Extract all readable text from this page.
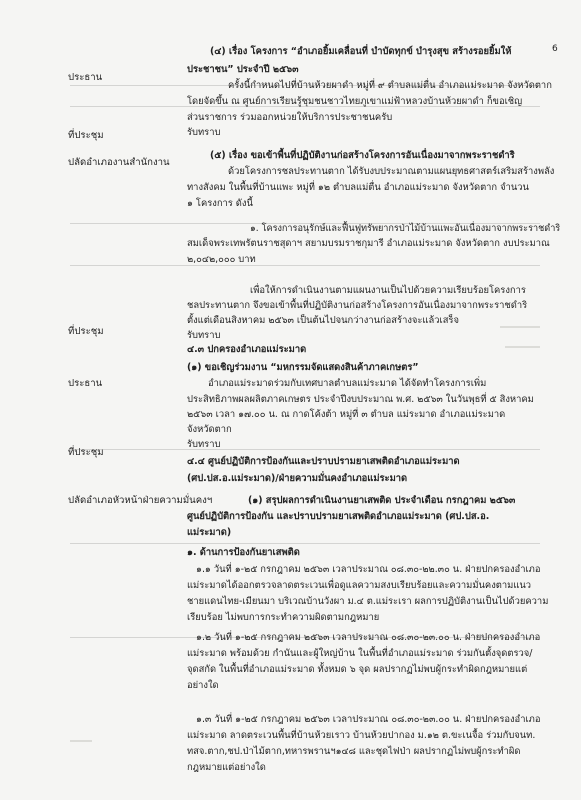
6
ประธาน
ที่ประชุม
ปลัดอำเภองานสำนักงาน
ที่ประชุม
ประธาน
ที่ประชุม
ปลัดอำเภอหัวหน้าฝ่ายความมั่นคงฯ
(๔) เรื่อง โครงการ “อำเภอยิ้มเคลื่อนที่ บำบัดทุกข์ บำรุงสุข สร้างรอยยิ้มให้
ประชาชน” ประจำปี ๒๕๖๓
ครั้งนี้กำหนดไปที่บ้านห้วยผาดำ หมู่ที่ ๙ ตำบลแม่ตื่น อำเภอแม่ระมาด จังหวัดตาก
โดยจัดขึ้น ณ ศูนย์การเรียนรู้ชุมชนชาวไทยภูเขาแม่ฟ้าหลวงบ้านห้วยผาดำ ก็ขอเชิญ
ส่วนราชการ ร่วมออกหน่วยให้บริการประชาชนครับ
รับทราบ
(๕) เรื่อง ขอเข้าพื้นที่ปฏิบัติงานก่อสร้างโครงการอันเนื่องมาจากพระราชดำริ
ด้วยโครงการชลประทานตาก ได้รับงบประมาณตามแผนยุทธศาสตร์เสริมสร้างพลัง
ทางสังคม ในพื้นที่บ้านแพะ หมู่ที่ ๑๒ ตำบลแม่ตื่น อำเภอแม่ระมาด จังหวัดตาก จำนวน
๑ โครงการ ดังนี้
๑. โครงการอนุรักษ์และฟื้นฟูทรัพยากรป่าไม้บ้านแพะอันเนื่องมาจากพระราชดำริ
สมเด็จพระเทพรัตนราชสุดาฯ สยามบรมราชกุมารี อำเภอแม่ระมาด จังหวัดตาก งบประมาณ
๒,๐๔๒,๐๐๐ บาท
เพื่อให้การดำเนินงานตามแผนงานเป็นไปด้วยความเรียบร้อยโครงการ
ชลประทานตาก จึงขอเข้าพื้นที่ปฏิบัติงานก่อสร้างโครงการอันเนื่องมาจากพระราชดำริ
ตั้งแต่เดือนสิงหาคม ๒๕๖๓ เป็นต้นไปจนกว่างานก่อสร้างจะแล้วเสร็จ
รับทราบ
๔.๓ ปกครองอำเภอแม่ระมาด
(๑) ขอเชิญร่วมงาน “มหกรรมจัดแสดงสินค้าภาคเกษตร”
อำเภอแม่ระมาดร่วมกับเทศบาลตำบลแม่ระมาด ได้จัดทำโครงการเพิ่ม
ประสิทธิภาพผลผลิตภาคเกษตร ประจำปีงบประมาณ พ.ศ. ๒๕๖๓ ในวันพุธที่ ๕ สิงหาคม
๒๕๖๓ เวลา ๑๗.๐๐ น. ณ กาดโค้งต้า หมู่ที่ ๓ ตำบล แม่ระมาด อำเภอแม่ระมาด
จังหวัดตาก
รับทราบ
๔.๔ ศูนย์ปฏิบัติการป้องกันและปราบปรามยาเสพติดอำเภอแม่ระมาด
(ศป.ปส.อ.แม่ระมาด)/ฝ่ายความมั่นคงอำเภอแม่ระมาด
(๑) สรุปผลการดำเนินงานยาเสพติด ประจำเดือน กรกฎาคม ๒๕๖๓
ศูนย์ปฏิบัติการป้องกัน และปราบปรามยาเสพติดอำเภอแม่ระมาด (ศป.ปส.อ.
แม่ระมาด)
๑. ด้านการป้องกันยาเสพติด
๑.๑ วันที่ ๑-๒๕ กรกฎาคม ๒๕๖๓ เวลาประมาณ ๐๘.๓๐-๒๒.๓๐ น. ฝ่ายปกครองอำเภอ
แม่ระมาดได้ออกตรวจลาดตระเวนเพื่อดูแลความสงบเรียบร้อยและความมั่นคงตามแนว
ชายแดนไทย-เมียนมา บริเวณบ้านวังผา ม.๔ ต.แม่ระเรา ผลการปฏิบัติงานเป็นไปด้วยความ
เรียบร้อย ไม่พบการกระทำความผิดตามกฎหมาย
๑.๒ วันที่ ๑-๒๕ กรกฎาคม ๒๕๖๓ เวลาประมาณ ๐๘.๓๐-๒๓.๐๐ น. ฝ่ายปกครองอำเภอ
แม่ระมาด พร้อมด้วย กำนันและผู้ใหญ่บ้าน ในพื้นที่อำเภอแม่ระมาด ร่วมกันตั้งจุดตรวจ/
จุดสกัด ในพื้นที่อำเภอแม่ระมาด ทั้งหมด ๖ จุด ผลปรากฏไม่พบผู้กระทำผิดกฎหมายแต่
อย่างใด
๑.๓ วันที่ ๑-๒๕ กรกฎาคม ๒๕๖๓ เวลาประมาณ ๐๘.๓๐-๒๓.๐๐ น. ฝ่ายปกครองอำเภอ
แม่ระมาด ลาดตระเวนพื้นที่บ้านห้วยเราว บ้านห้วยปากอง ม.๑๒ ต.ขะเนจื้อ ร่วมกับจนท.
ทสจ.ตาก,ชป.ป่าไม้ตาก,ทหารพรานฯ๑๔๘ และชุดไฟป่า ผลปรากฏไม่พบผู้กระทำผิด
กฎหมายแต่อย่างใด
